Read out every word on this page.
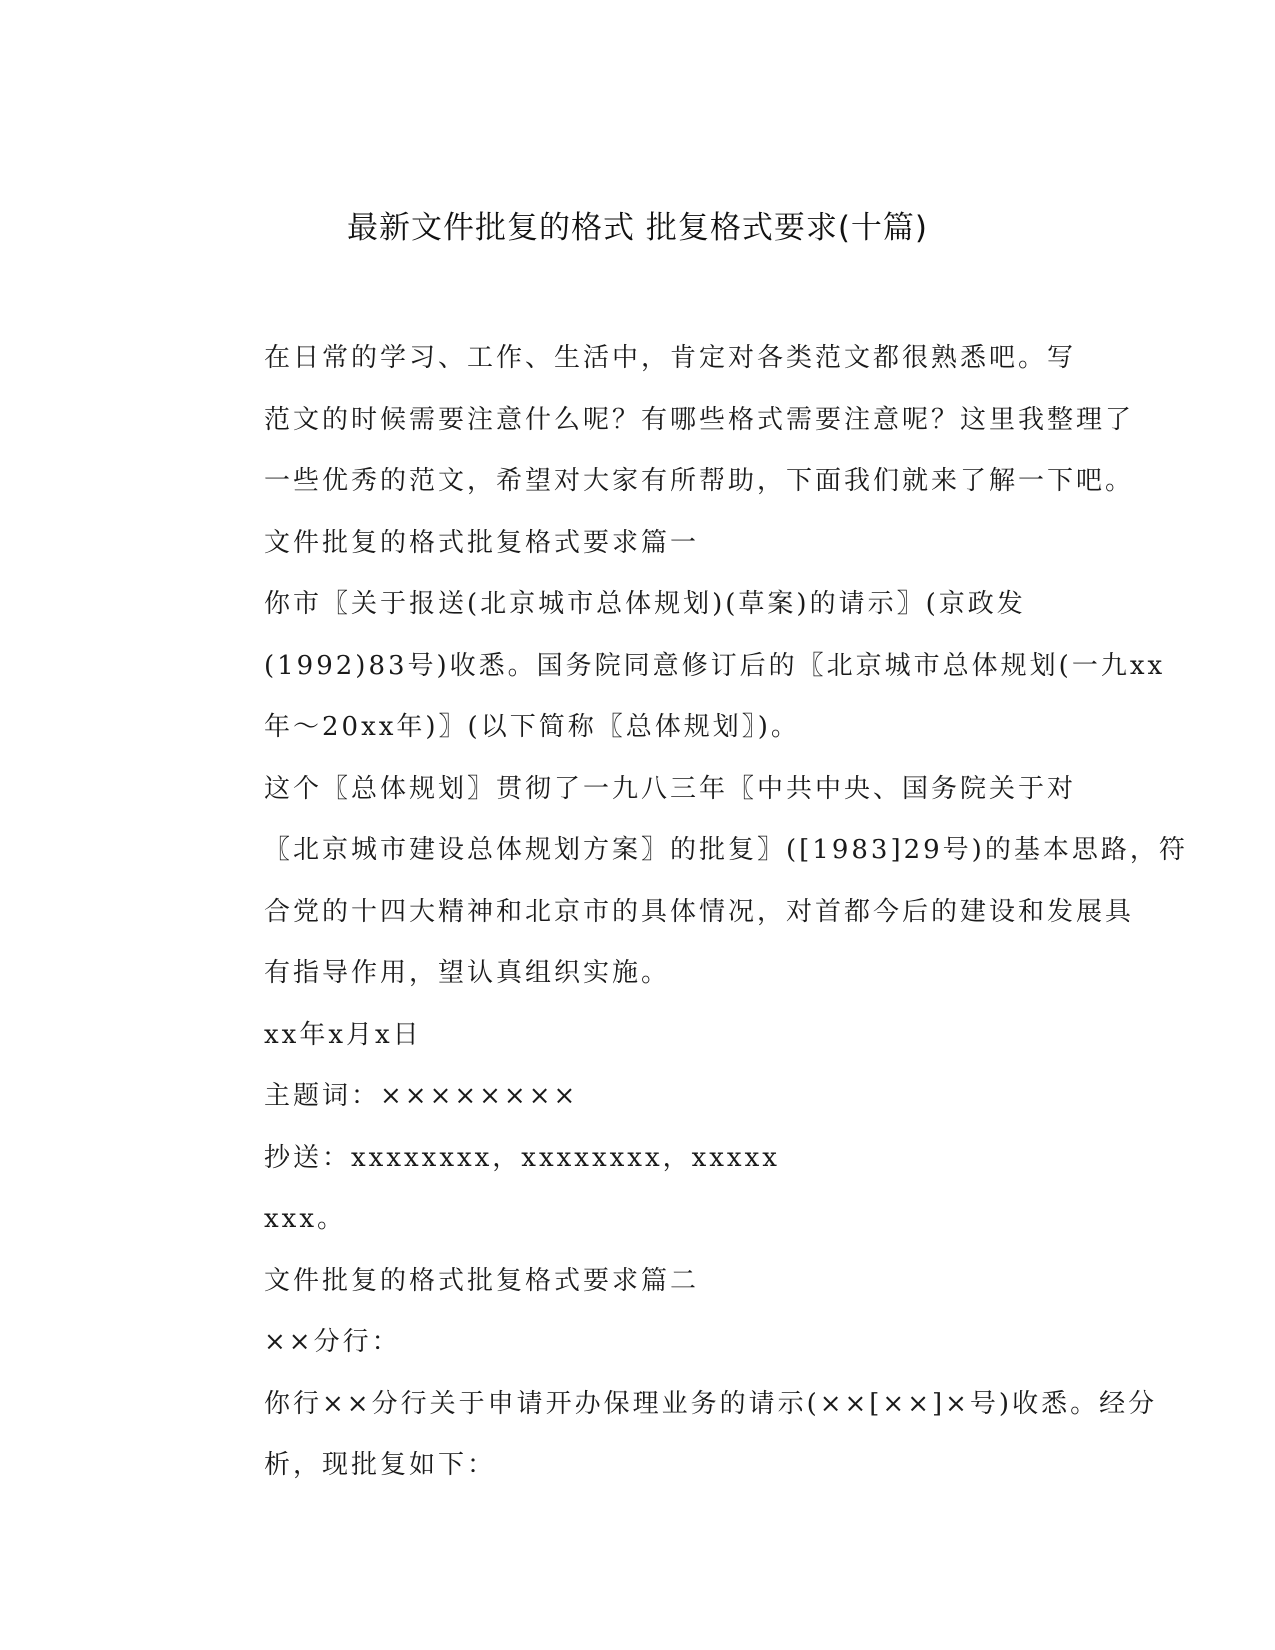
最新文件批复的格式 批复格式要求(十篇)

在日常的学习、工作、生活中，肯定对各类范文都很熟悉吧。写
范文的时候需要注意什么呢？有哪些格式需要注意呢？这里我整理了
一些优秀的范文，希望对大家有所帮助，下面我们就来了解一下吧。

文件批复的格式批复格式要求篇一

你市〖关于报送(北京城市总体规划)(草案)的请示〗(京政发
(1992)83号)收悉。国务院同意修订后的〖北京城市总体规划(一九xx
年～20xx年)〗(以下简称〖总体规划〗)。

这个〖总体规划〗贯彻了一九八三年〖中共中央、国务院关于对
〖北京城市建设总体规划方案〗的批复〗([1983]29号)的基本思路，符
合党的十四大精神和北京市的具体情况，对首都今后的建设和发展具
有指导作用，望认真组织实施。

xx年x月x日

主题词：××××××××

抄送：xxxxxxxx，xxxxxxxx，xxxxx

xxx。

文件批复的格式批复格式要求篇二

××分行：

你行××分行关于申请开办保理业务的请示(××[××]×号)收悉。经分
析，现批复如下：
